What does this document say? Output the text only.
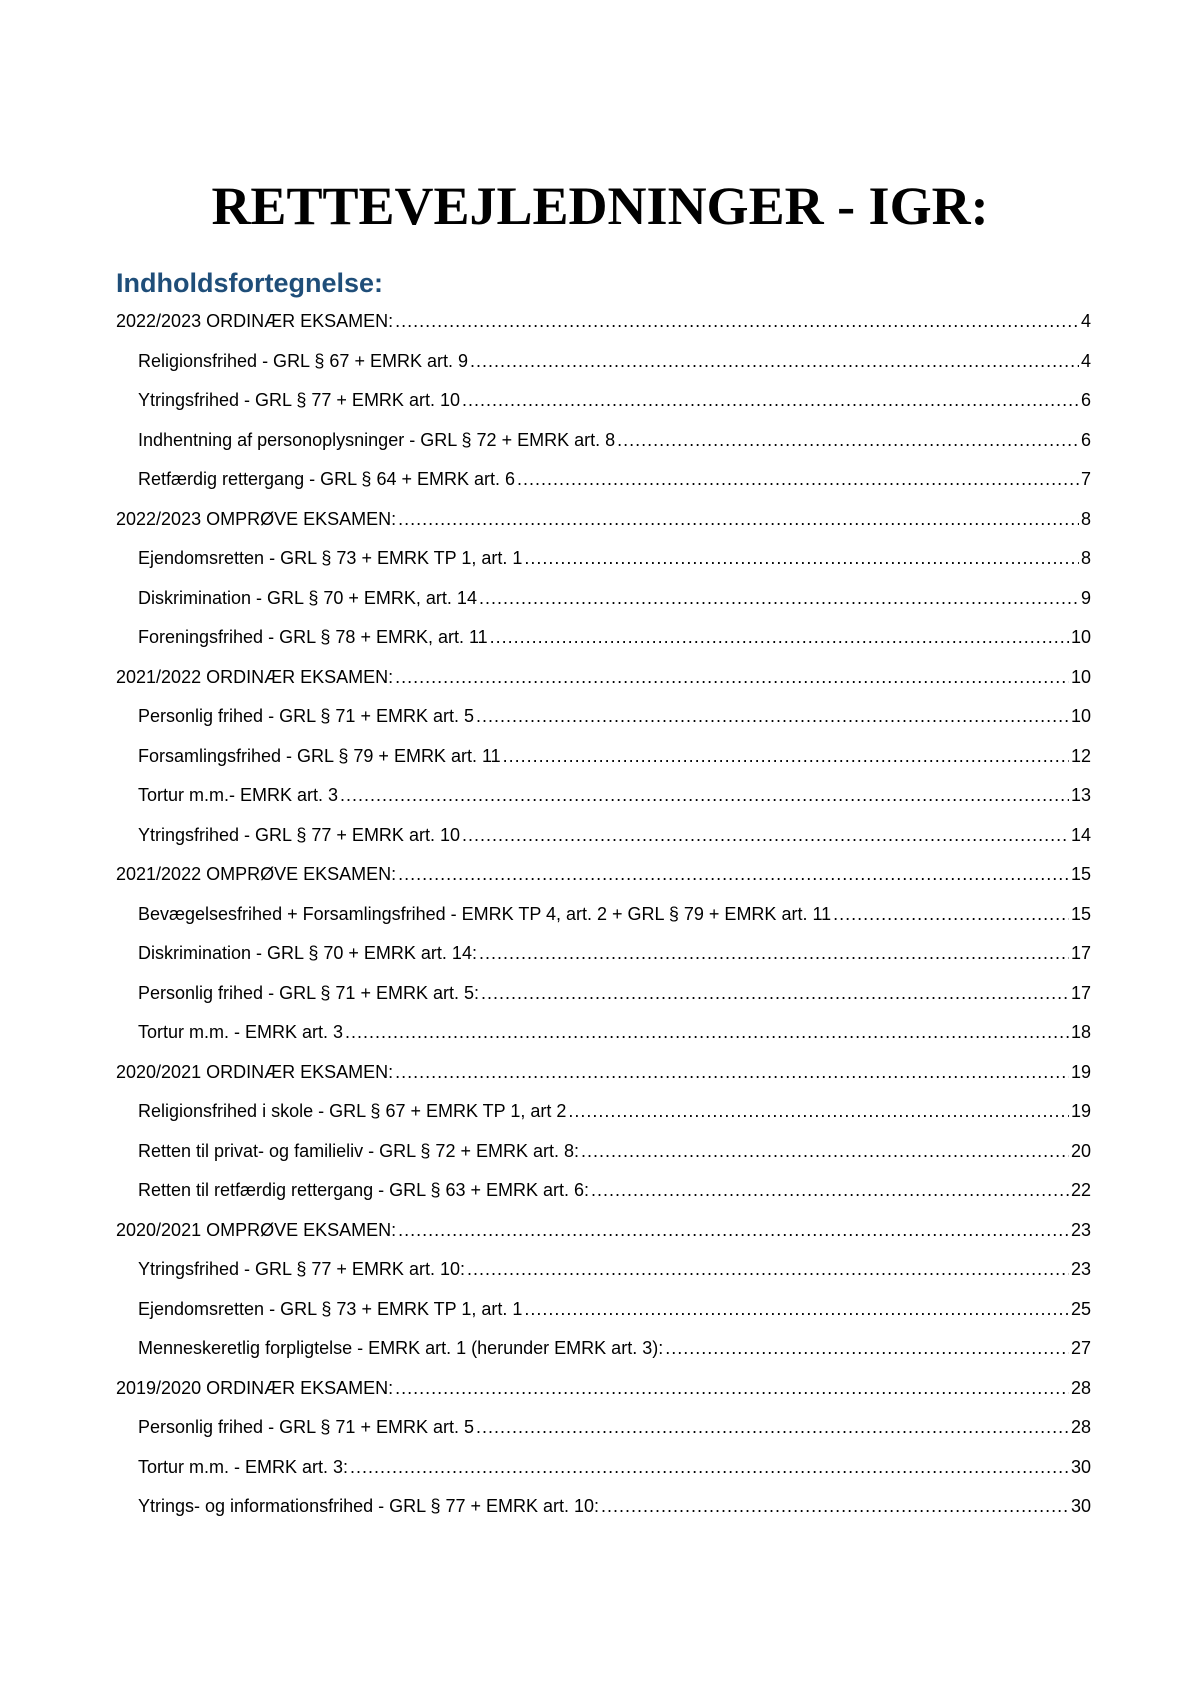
RETTEVEJLEDNINGER - IGR:
Indholdsfortegnelse:
2022/2023 ORDINÆR EKSAMEN: .....	4
Religionsfrihed - GRL § 67 + EMRK art. 9 .....	4
Ytringsfrihed - GRL § 77 + EMRK art. 10 .....	6
Indhentning af personoplysninger - GRL § 72 + EMRK art. 8 .....	6
Retfærdig rettergang - GRL § 64 + EMRK art. 6 .....	7
2022/2023 OMPRØVE EKSAMEN: .....	8
Ejendomsretten - GRL § 73 + EMRK TP 1, art. 1 .....	8
Diskrimination - GRL § 70 + EMRK, art. 14 .....	9
Foreningsfrihed - GRL § 78 + EMRK, art. 11 .....	10
2021/2022 ORDINÆR EKSAMEN: .....	10
Personlig frihed - GRL § 71 + EMRK art. 5 .....	10
Forsamlingsfrihed - GRL § 79 + EMRK art. 11 .....	12
Tortur m.m.- EMRK art. 3 .....	13
Ytringsfrihed - GRL § 77 + EMRK art. 10 .....	14
2021/2022 OMPRØVE EKSAMEN: .....	15
Bevægelsesfrihed + Forsamlingsfrihed - EMRK TP 4, art. 2 + GRL § 79 + EMRK art. 11 .....	15
Diskrimination - GRL § 70 + EMRK art. 14: .....	17
Personlig frihed - GRL § 71 + EMRK art. 5: .....	17
Tortur m.m. - EMRK art. 3 .....	18
2020/2021 ORDINÆR EKSAMEN: .....	19
Religionsfrihed i skole - GRL § 67 + EMRK TP 1, art 2 .....	19
Retten til privat- og familieliv - GRL § 72 + EMRK art. 8: .....	20
Retten til retfærdig rettergang - GRL § 63 + EMRK art. 6: .....	22
2020/2021 OMPRØVE EKSAMEN: .....	23
Ytringsfrihed - GRL § 77 + EMRK art. 10: .....	23
Ejendomsretten - GRL § 73 + EMRK TP 1, art. 1 .....	25
Menneskeretlig forpligtelse - EMRK art. 1 (herunder EMRK art. 3): .....	27
2019/2020 ORDINÆR EKSAMEN: .....	28
Personlig frihed - GRL § 71 + EMRK art. 5 .....	28
Tortur m.m. - EMRK art. 3: .....	30
Ytrings- og informationsfrihed - GRL § 77 + EMRK art. 10: .....	30
